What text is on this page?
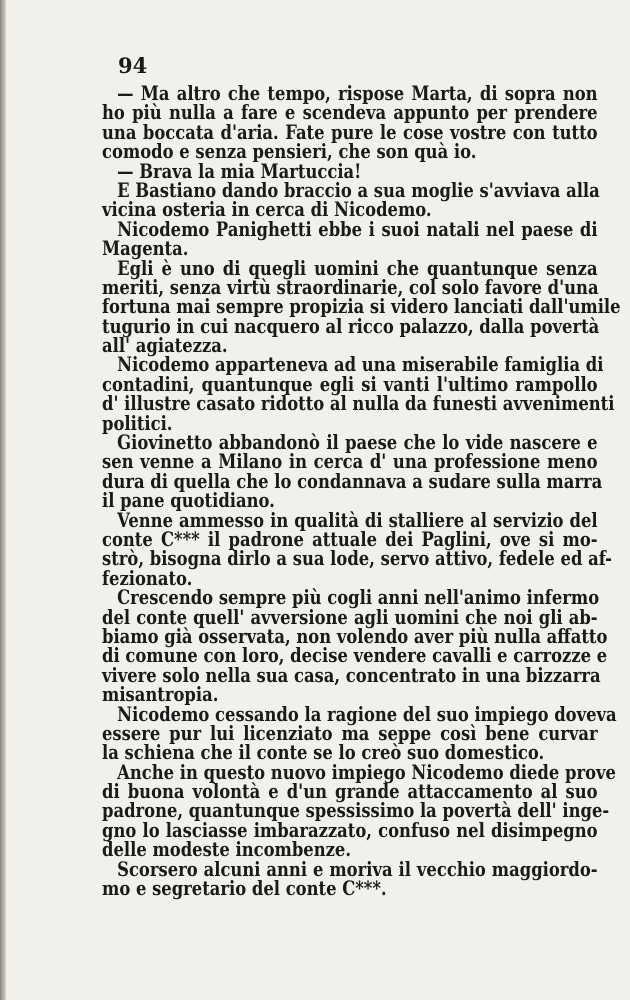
94
— Ma altro che tempo, rispose Marta, di sopra non
ho più nulla a fare e scendeva appunto per prendere
una boccata d'aria. Fate pure le cose vostre con tutto
comodo e senza pensieri, che son quà io.
— Brava la mia Martuccia!
E Bastiano dando braccio a sua moglie s'avviava alla
vicina osteria in cerca di Nicodemo.
Nicodemo Panighetti ebbe i suoi natali nel paese di
Magenta.
Egli è uno di quegli uomini che quantunque senza
meriti, senza virtù straordinarie, col solo favore d'una
fortuna mai sempre propizia si videro lanciati dall'umile
tugurio in cui nacquero al ricco palazzo, dalla povertà
all' agiatezza.
Nicodemo apparteneva ad una miserabile famiglia di
contadini, quantunque egli si vanti l'ultimo rampollo
d' illustre casato ridotto al nulla da funesti avvenimenti
politici.
Giovinetto abbandonò il paese che lo vide nascere e
sen venne a Milano in cerca d' una professione meno
dura di quella che lo condannava a sudare sulla marra
il pane quotidiano.
Venne ammesso in qualità di stalliere al servizio del
conte C*** il padrone attuale dei Paglini, ove si mo-
strò, bisogna dirlo a sua lode, servo attivo, fedele ed af-
fezionato.
Crescendo sempre più cogli anni nell'animo infermo
del conte quell' avversione agli uomini che noi gli ab-
biamo già osservata, non volendo aver più nulla affatto
di comune con loro, decise vendere cavalli e carrozze e
vivere solo nella sua casa, concentrato in una bizzarra
misantropia.
Nicodemo cessando la ragione del suo impiego doveva
essere pur lui licenziato ma seppe così bene curvar
la schiena che il conte se lo creò suo domestico.
Anche in questo nuovo impiego Nicodemo diede prove
di buona volontà e d'un grande attaccamento al suo
padrone, quantunque spessissimo la povertà dell' inge-
gno lo lasciasse imbarazzato, confuso nel disimpegno
delle modeste incombenze.
Scorsero alcuni anni e moriva il vecchio maggiordo-
mo e segretario del conte C***.
